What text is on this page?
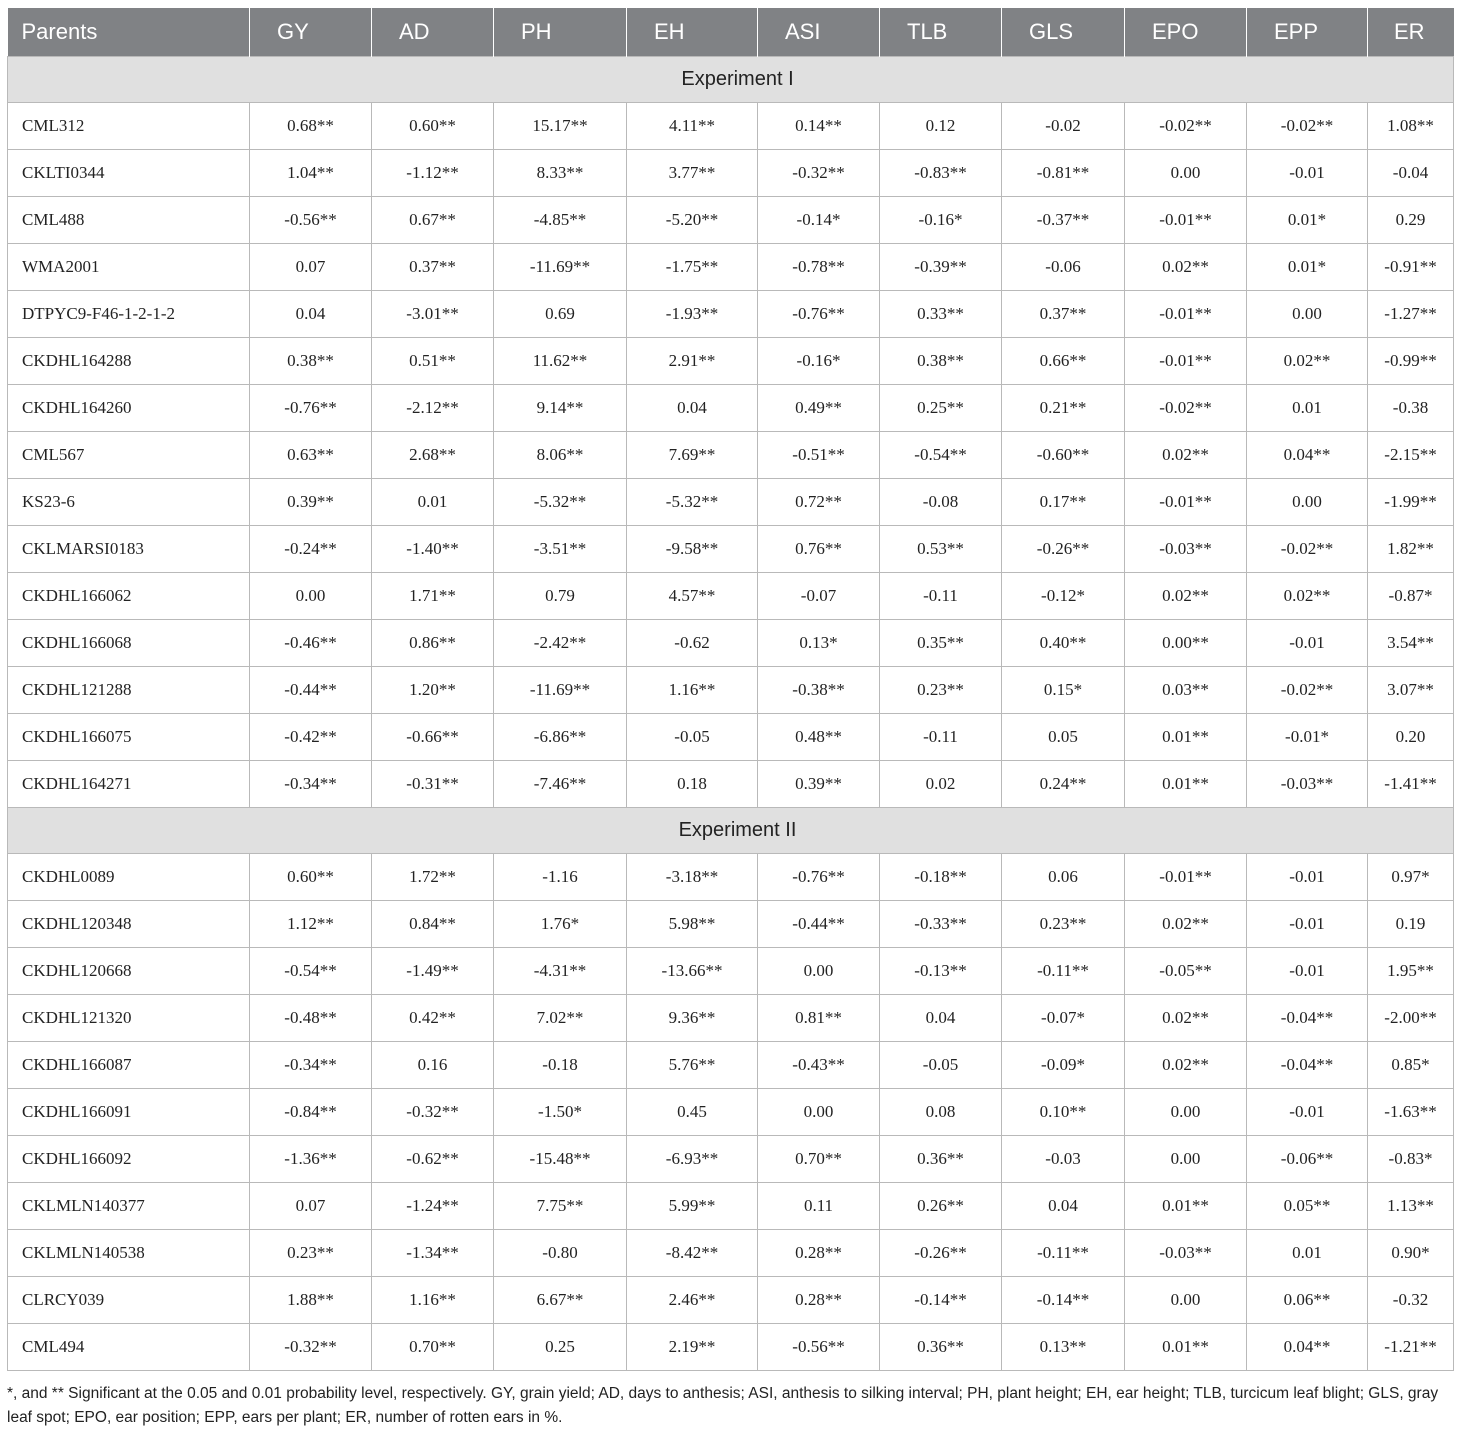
Parents	GY	AD	PH	EH	ASI	TLB	GLS	EPO	EPP	ER
Experiment I										
CML312	0.68**	0.60**	15.17**	4.11**	0.14**	0.12	-0.02	-0.02**	-0.02**	1.08**
CKLTI0344	1.04**	-1.12**	8.33**	3.77**	-0.32**	-0.83**	-0.81**	0.00	-0.01	-0.04
CML488	-0.56**	0.67**	-4.85**	-5.20**	-0.14*	-0.16*	-0.37**	-0.01**	0.01*	0.29
WMA2001	0.07	0.37**	-11.69**	-1.75**	-0.78**	-0.39**	-0.06	0.02**	0.01*	-0.91**
DTPYC9-F46-1-2-1-2	0.04	-3.01**	0.69	-1.93**	-0.76**	0.33**	0.37**	-0.01**	0.00	-1.27**
CKDHL164288	0.38**	0.51**	11.62**	2.91**	-0.16*	0.38**	0.66**	-0.01**	0.02**	-0.99**
CKDHL164260	-0.76**	-2.12**	9.14**	0.04	0.49**	0.25**	0.21**	-0.02**	0.01	-0.38
CML567	0.63**	2.68**	8.06**	7.69**	-0.51**	-0.54**	-0.60**	0.02**	0.04**	-2.15**
KS23-6	0.39**	0.01	-5.32**	-5.32**	0.72**	-0.08	0.17**	-0.01**	0.00	-1.99**
CKLMARSI0183	-0.24**	-1.40**	-3.51**	-9.58**	0.76**	0.53**	-0.26**	-0.03**	-0.02**	1.82**
CKDHL166062	0.00	1.71**	0.79	4.57**	-0.07	-0.11	-0.12*	0.02**	0.02**	-0.87*
CKDHL166068	-0.46**	0.86**	-2.42**	-0.62	0.13*	0.35**	0.40**	0.00**	-0.01	3.54**
CKDHL121288	-0.44**	1.20**	-11.69**	1.16**	-0.38**	0.23**	0.15*	0.03**	-0.02**	3.07**
CKDHL166075	-0.42**	-0.66**	-6.86**	-0.05	0.48**	-0.11	0.05	0.01**	-0.01*	0.20
CKDHL164271	-0.34**	-0.31**	-7.46**	0.18	0.39**	0.02	0.24**	0.01**	-0.03**	-1.41**
Experiment II										
CKDHL0089	0.60**	1.72**	-1.16	-3.18**	-0.76**	-0.18**	0.06	-0.01**	-0.01	0.97*
CKDHL120348	1.12**	0.84**	1.76*	5.98**	-0.44**	-0.33**	0.23**	0.02**	-0.01	0.19
CKDHL120668	-0.54**	-1.49**	-4.31**	-13.66**	0.00	-0.13**	-0.11**	-0.05**	-0.01	1.95**
CKDHL121320	-0.48**	0.42**	7.02**	9.36**	0.81**	0.04	-0.07*	0.02**	-0.04**	-2.00**
CKDHL166087	-0.34**	0.16	-0.18	5.76**	-0.43**	-0.05	-0.09*	0.02**	-0.04**	0.85*
CKDHL166091	-0.84**	-0.32**	-1.50*	0.45	0.00	0.08	0.10**	0.00	-0.01	-1.63**
CKDHL166092	-1.36**	-0.62**	-15.48**	-6.93**	0.70**	0.36**	-0.03	0.00	-0.06**	-0.83*
CKLMLN140377	0.07	-1.24**	7.75**	5.99**	0.11	0.26**	0.04	0.01**	0.05**	1.13**
CKLMLN140538	0.23**	-1.34**	-0.80	-8.42**	0.28**	-0.26**	-0.11**	-0.03**	0.01	0.90*
CLRCY039	1.88**	1.16**	6.67**	2.46**	0.28**	-0.14**	-0.14**	0.00	0.06**	-0.32
CML494	-0.32**	0.70**	0.25	2.19**	-0.56**	0.36**	0.13**	0.01**	0.04**	-1.21**
*, and ** Significant at the 0.05 and 0.01 probability level, respectively. GY, grain yield; AD, days to anthesis; ASI, anthesis to silking interval; PH, plant height; EH, ear height; TLB, turcicum leaf blight; GLS, gray leaf spot; EPO, ear position; EPP, ears per plant; ER, number of rotten ears in %.
